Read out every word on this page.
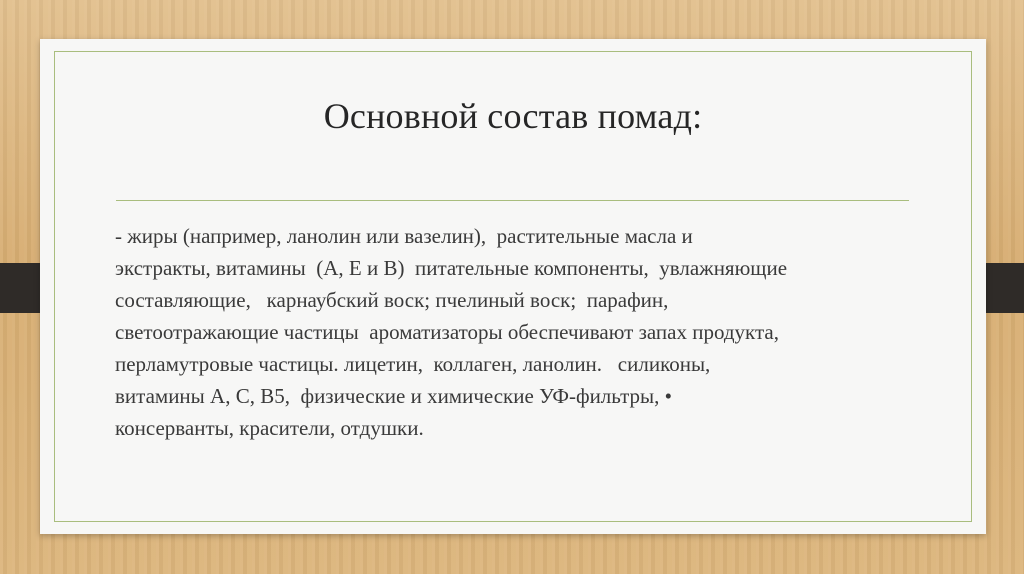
Основной состав помад:
- жиры (например, ланолин или вазелин),  растительные масла и
экстракты, витамины  (А, Е и В)  питательные компоненты,  увлажняющие
составляющие,   карнаубский воск; пчелиный воск;  парафин,
светоотражающие частицы  ароматизаторы обеспечивают запах продукта,
перламутровые частицы. лицетин,  коллаген, ланолин.   силиконы,
витамины А, С, В5,  физические и химические УФ-фильтры, •
консерванты, красители, отдушки.
